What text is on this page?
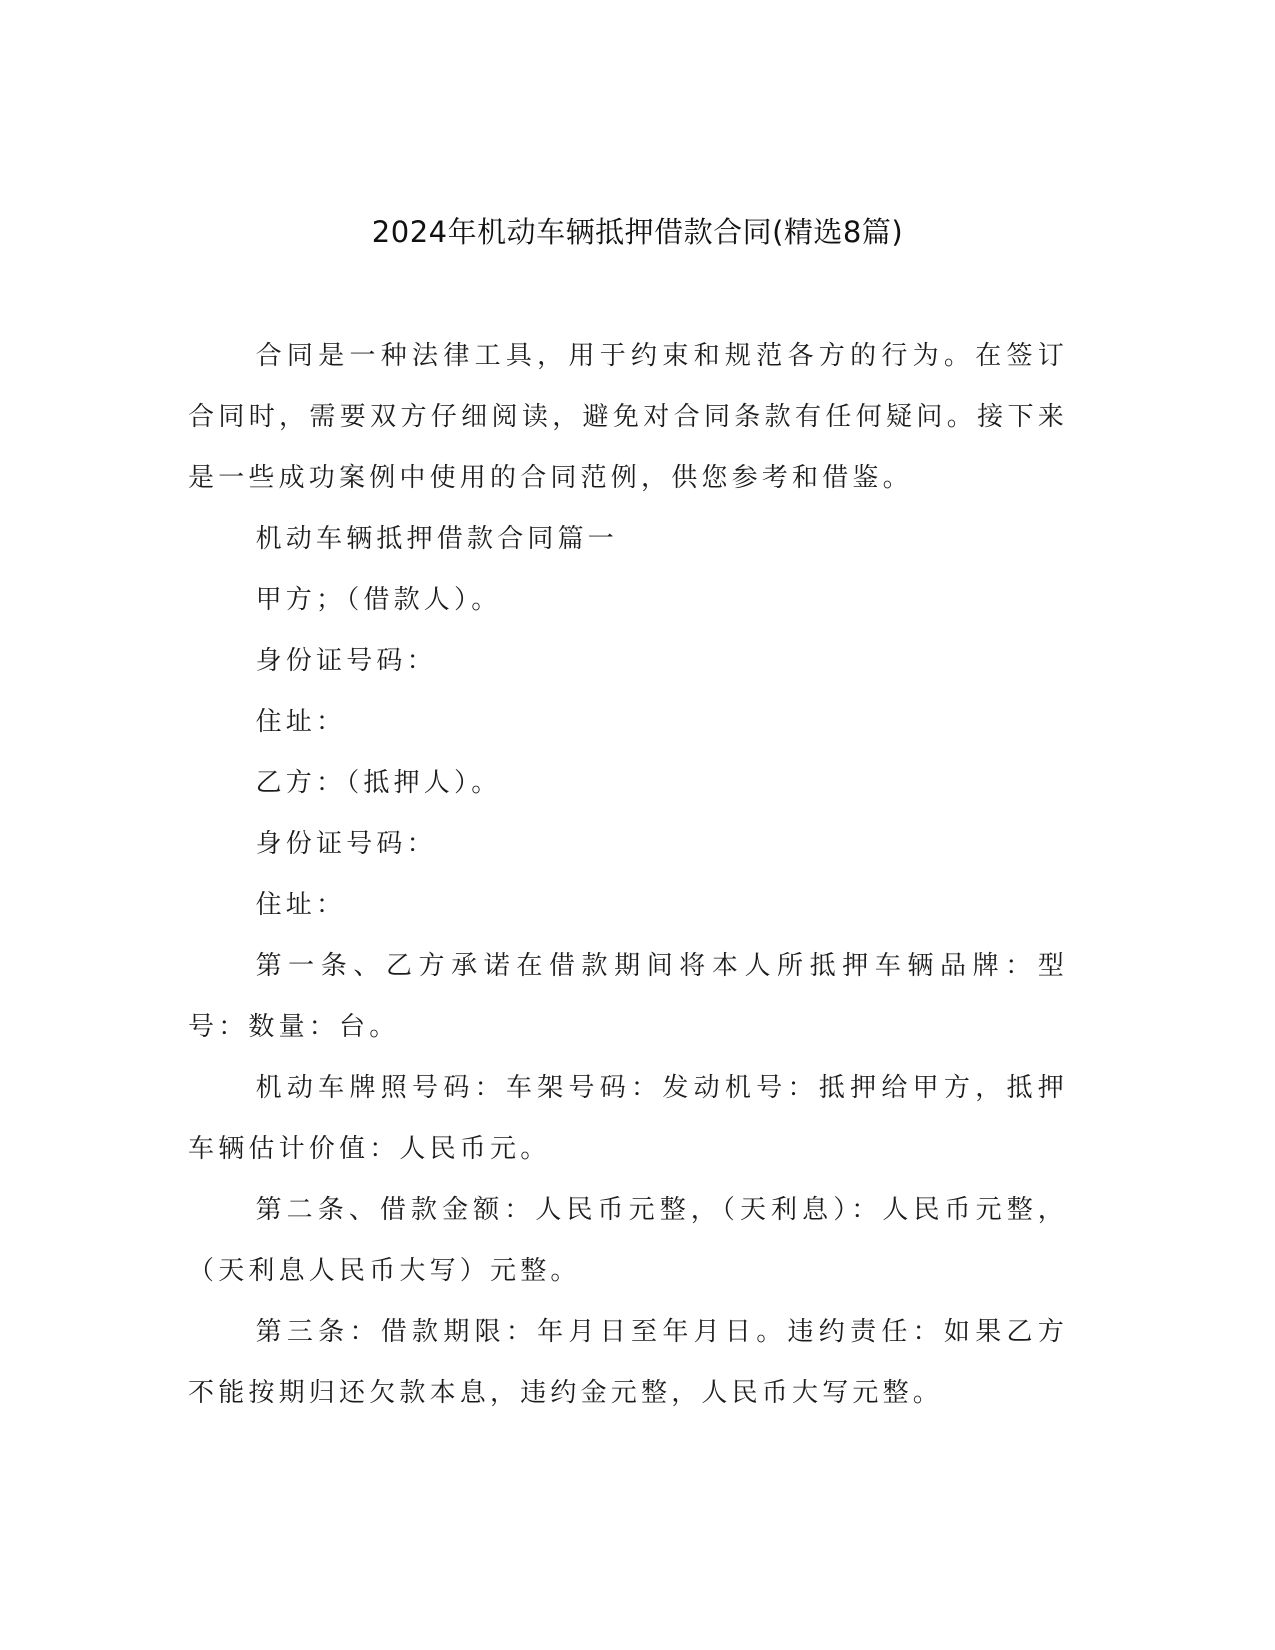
2024年机动车辆抵押借款合同(精选8篇)

合同是一种法律工具，用于约束和规范各方的行为。在签订合同时，需要双方仔细阅读，避免对合同条款有任何疑问。接下来是一些成功案例中使用的合同范例，供您参考和借鉴。

机动车辆抵押借款合同篇一

甲方；（借款人）。

身份证号码：

住址：

乙方：（抵押人）。

身份证号码：

住址：

第一条、乙方承诺在借款期间将本人所抵押车辆品牌：型号：数量：台。

机动车牌照号码：车架号码：发动机号：抵押给甲方，抵押车辆估计价值：人民币元。

第二条、借款金额：人民币元整，（天利息）：人民币元整，（天利息人民币大写）元整。

第三条：借款期限：年月日至年月日。违约责任：如果乙方不能按期归还欠款本息，违约金元整，人民币大写元整。
